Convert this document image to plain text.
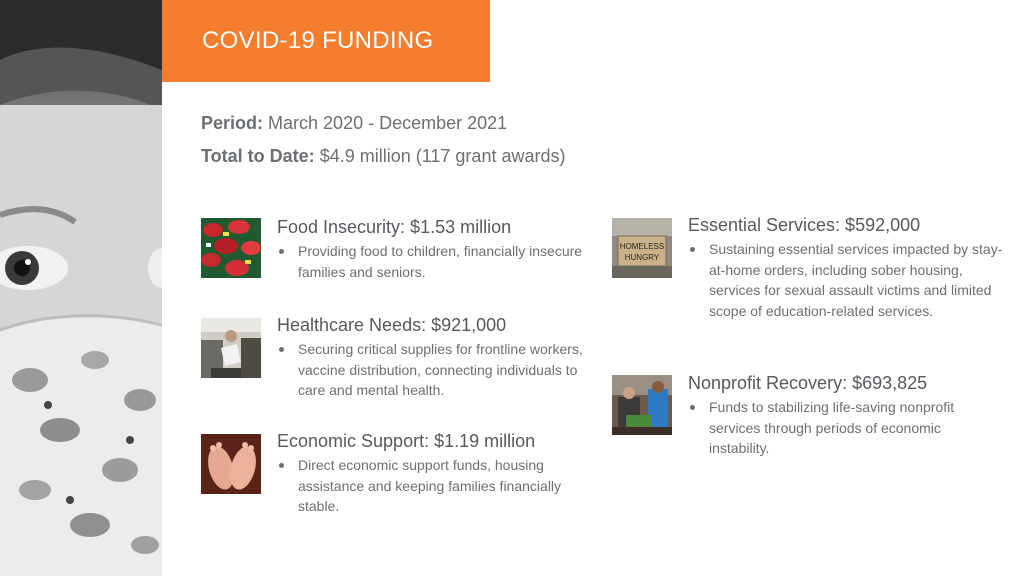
COVID-19 FUNDING
Period: March 2020 - December 2021
Total to Date: $4.9 million (117 grant awards)
Food Insecurity: $1.53 million
Providing food to children, financially insecure families and seniors.
Healthcare Needs: $921,000
Securing critical supplies for frontline workers, vaccine distribution, connecting individuals to care and mental health.
Economic Support: $1.19 million
Direct economic support funds, housing assistance and keeping families financially stable.
HOMELESS
HUNGRY
Essential Services: $592,000
Sustaining essential services impacted by stay-at-home orders, including sober housing, services for sexual assault victims and limited scope of education-related services.
Nonprofit Recovery: $693,825
Funds to stabilizing life-saving nonprofit services through periods of economic instability.
